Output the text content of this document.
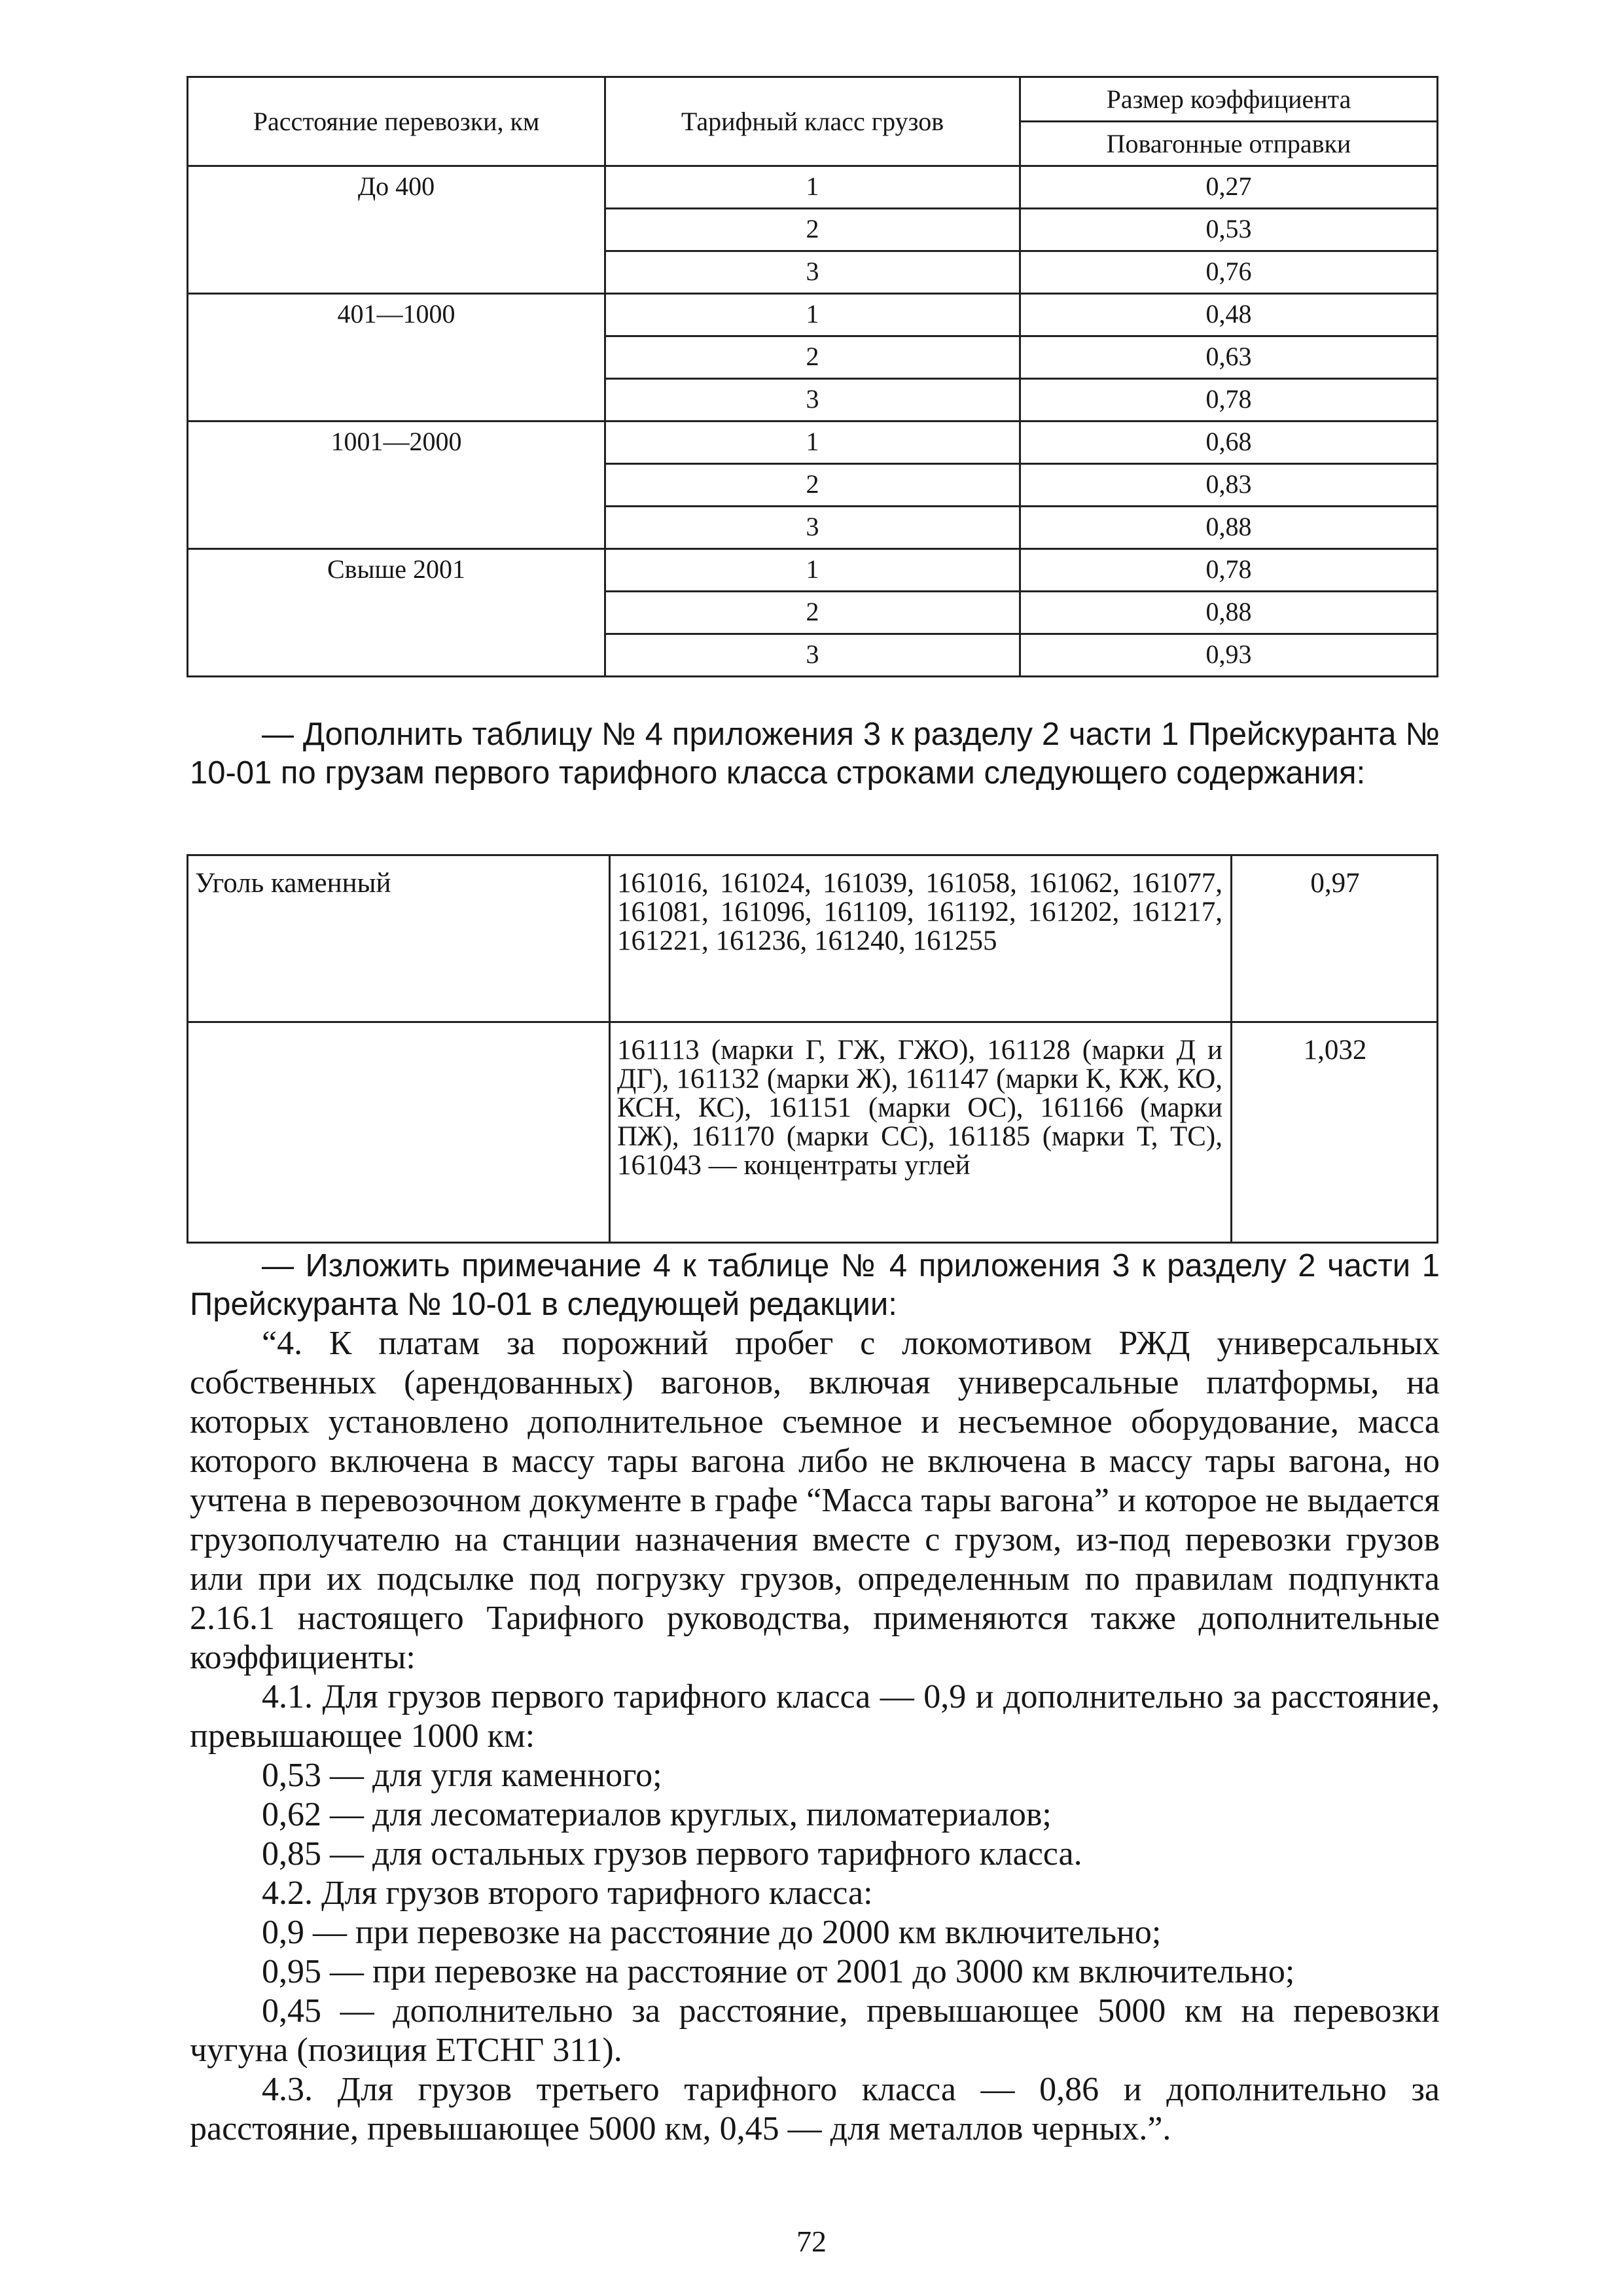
Расстояние перевозки, км	Тарифный класс грузов	Размер коэффициента
		Повагонные отправки
До 400	1	0,27
	2	0,53
	3	0,76
401—1000	1	0,48
	2	0,63
	3	0,78
1001—2000	1	0,68
	2	0,83
	3	0,88
Свыше 2001	1	0,78
	2	0,88
	3	0,93

— Дополнить таблицу № 4 приложения 3 к разделу 2 части 1 Прейскуранта № 10-01 по грузам первого тарифного класса строками следующего содержания:

Уголь каменный	161016, 161024, 161039, 161058, 161062, 161077, 161081, 161096, 161109, 161192, 161202, 161217, 161221, 161236, 161240, 161255	0,97
	161113 (марки Г, ГЖ, ГЖО), 161128 (марки Д и ДГ), 161132 (марки Ж), 161147 (марки К, КЖ, КО, КСН, КС), 161151 (марки ОС), 161166 (марки ПЖ), 161170 (марки СС), 161185 (марки Т, ТС), 161043 — концентраты углей	1,032

— Изложить примечание 4 к таблице № 4 приложения 3 к разделу 2 части 1 Прейскуранта № 10-01 в следующей редакции:

“4. К платам за порожний пробег с локомотивом РЖД универсальных собственных (арендованных) вагонов, включая универсальные платформы, на которых установлено дополнительное съемное и несъемное оборудование, масса которого включена в массу тары вагона либо не включена в массу тары вагона, но учтена в перевозочном документе в графе “Масса тары вагона” и которое не выдается грузополучателю на станции назначения вместе с грузом, из-под перевозки грузов или при их подсылке под погрузку грузов, определенным по правилам подпункта 2.16.1 настоящего Тарифного руководства, применяются также дополнительные коэффициенты:

4.1. Для грузов первого тарифного класса — 0,9 и дополнительно за расстояние, превышающее 1000 км:

0,53 — для угля каменного;

0,62 — для лесоматериалов круглых, пиломатериалов;

0,85 — для остальных грузов первого тарифного класса.

4.2. Для грузов второго тарифного класса:

0,9 — при перевозке на расстояние до 2000 км включительно;

0,95 — при перевозке на расстояние от 2001 до 3000 км включительно;

0,45 — дополнительно за расстояние, превышающее 5000 км на перевозки чугуна (позиция ЕТСНГ 311).

4.3. Для грузов третьего тарифного класса — 0,86 и дополнительно за расстояние, превышающее 5000 км, 0,45 — для металлов черных.”.

72
